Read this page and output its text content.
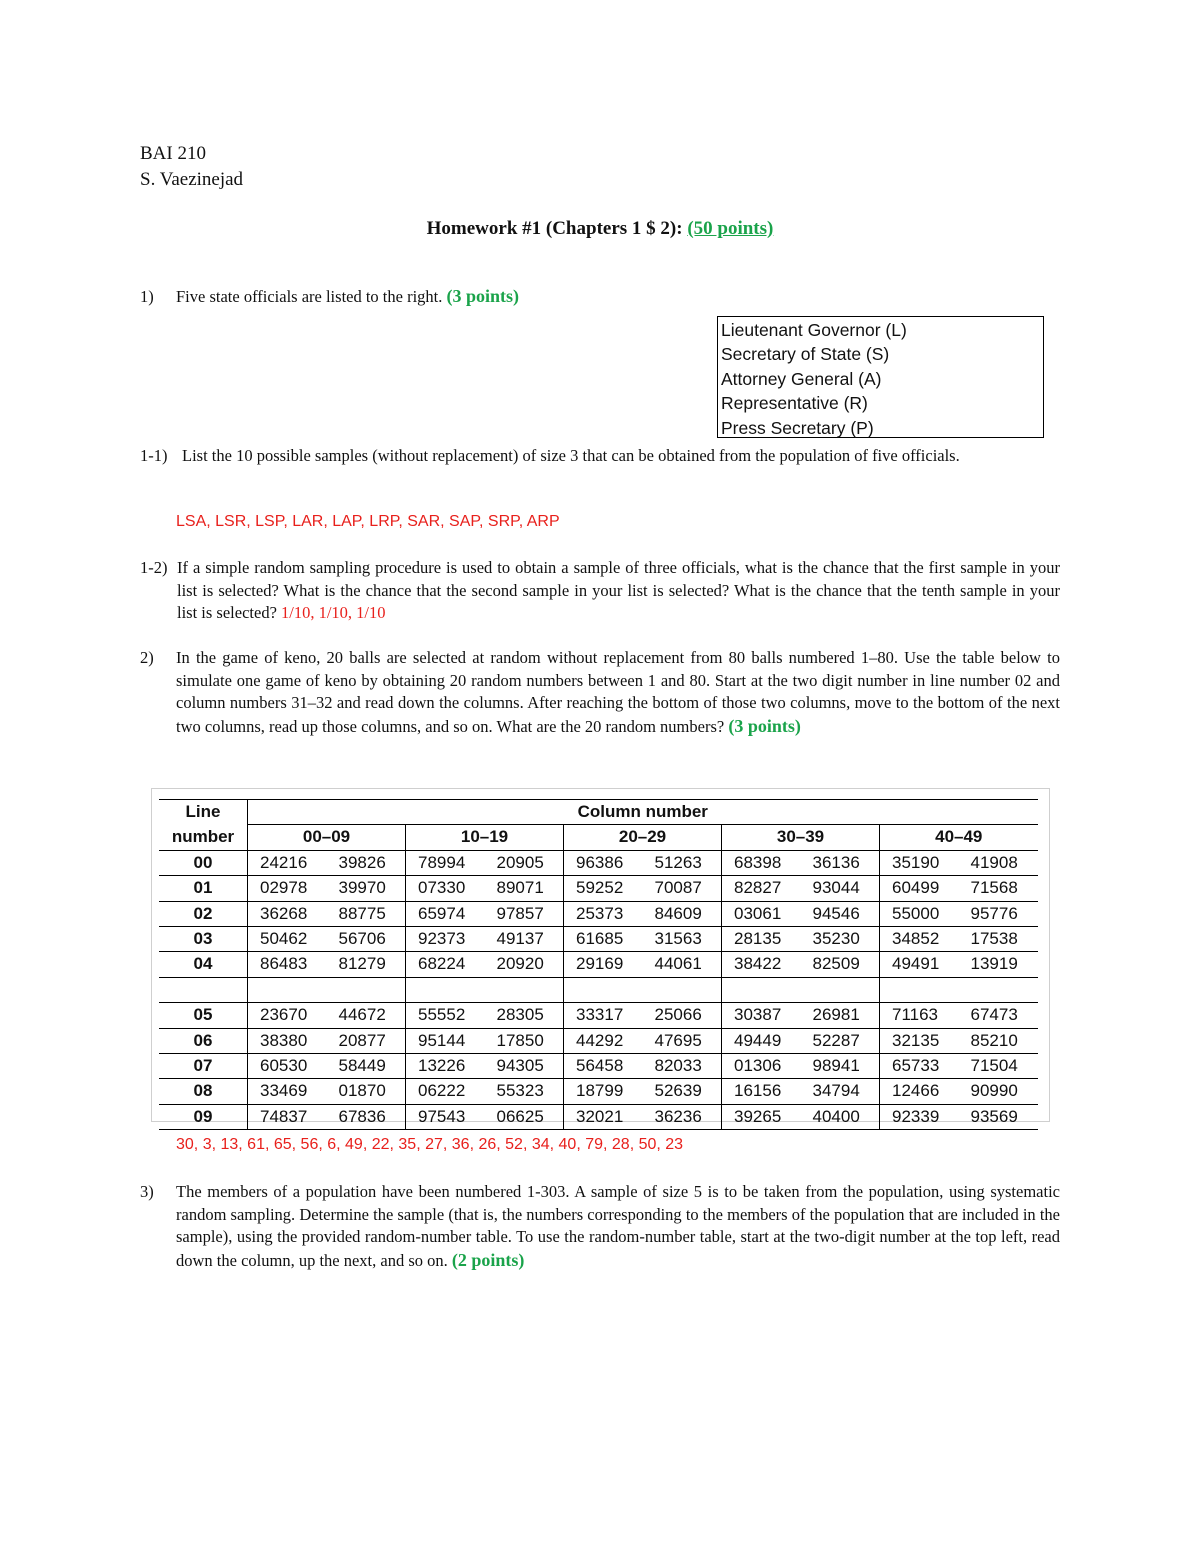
BAI 210
S. Vaezinejad
Homework #1 (Chapters 1 $ 2): (50 points)
1) Five state officials are listed to the right. (3 points)
Lieutenant Governor (L)
Secretary of State (S)
Attorney General (A)
Representative (R)
Press Secretary (P)
1-1) List the 10 possible samples (without replacement) of size 3 that can be obtained from the population of five officials.
LSA, LSR, LSP, LAR, LAP, LRP, SAR, SAP, SRP, ARP
1-2) If a simple random sampling procedure is used to obtain a sample of three officials, what is the chance that the first sample in your list is selected? What is the chance that the second sample in your list is selected? What is the chance that the tenth sample in your list is selected? 1/10, 1/10, 1/10
2) In the game of keno, 20 balls are selected at random without replacement from 80 balls numbered 1–80. Use the table below to simulate one game of keno by obtaining 20 random numbers between 1 and 80. Start at the two digit number in line number 02 and column numbers 31–32 and read down the columns. After reaching the bottom of those two columns, move to the bottom of the next two columns, read up those columns, and so on. What are the 20 random numbers? (3 points)
Line	Column number									
number	00–09		10–19		20–29		30–39		40–49	
00	24216	39826	78994	20905	96386	51263	68398	36136	35190	41908
01	02978	39970	07330	89071	59252	70087	82827	93044	60499	71568
02	36268	88775	65974	97857	25373	84609	03061	94546	55000	95776
03	50462	56706	92373	49137	61685	31563	28135	35230	34852	17538
04	86483	81279	68224	20920	29169	44061	38422	82509	49491	13919

05	23670	44672	55552	28305	33317	25066	30387	26981	71163	67473
06	38380	20877	95144	17850	44292	47695	49449	52287	32135	85210
07	60530	58449	13226	94305	56458	82033	01306	98941	65733	71504
08	33469	01870	06222	55323	18799	52639	16156	34794	12466	90990
09	74837	67836	97543	06625	32021	36236	39265	40400	92339	93569
30, 3, 13, 61, 65, 56, 6, 49, 22, 35, 27, 36, 26, 52, 34, 40, 79, 28, 50, 23
3) The members of a population have been numbered 1-303. A sample of size 5 is to be taken from the population, using systematic random sampling. Determine the sample (that is, the numbers corresponding to the members of the population that are included in the sample), using the provided random-number table. To use the random-number table, start at the two-digit number at the top left, read down the column, up the next, and so on. (2 points)
